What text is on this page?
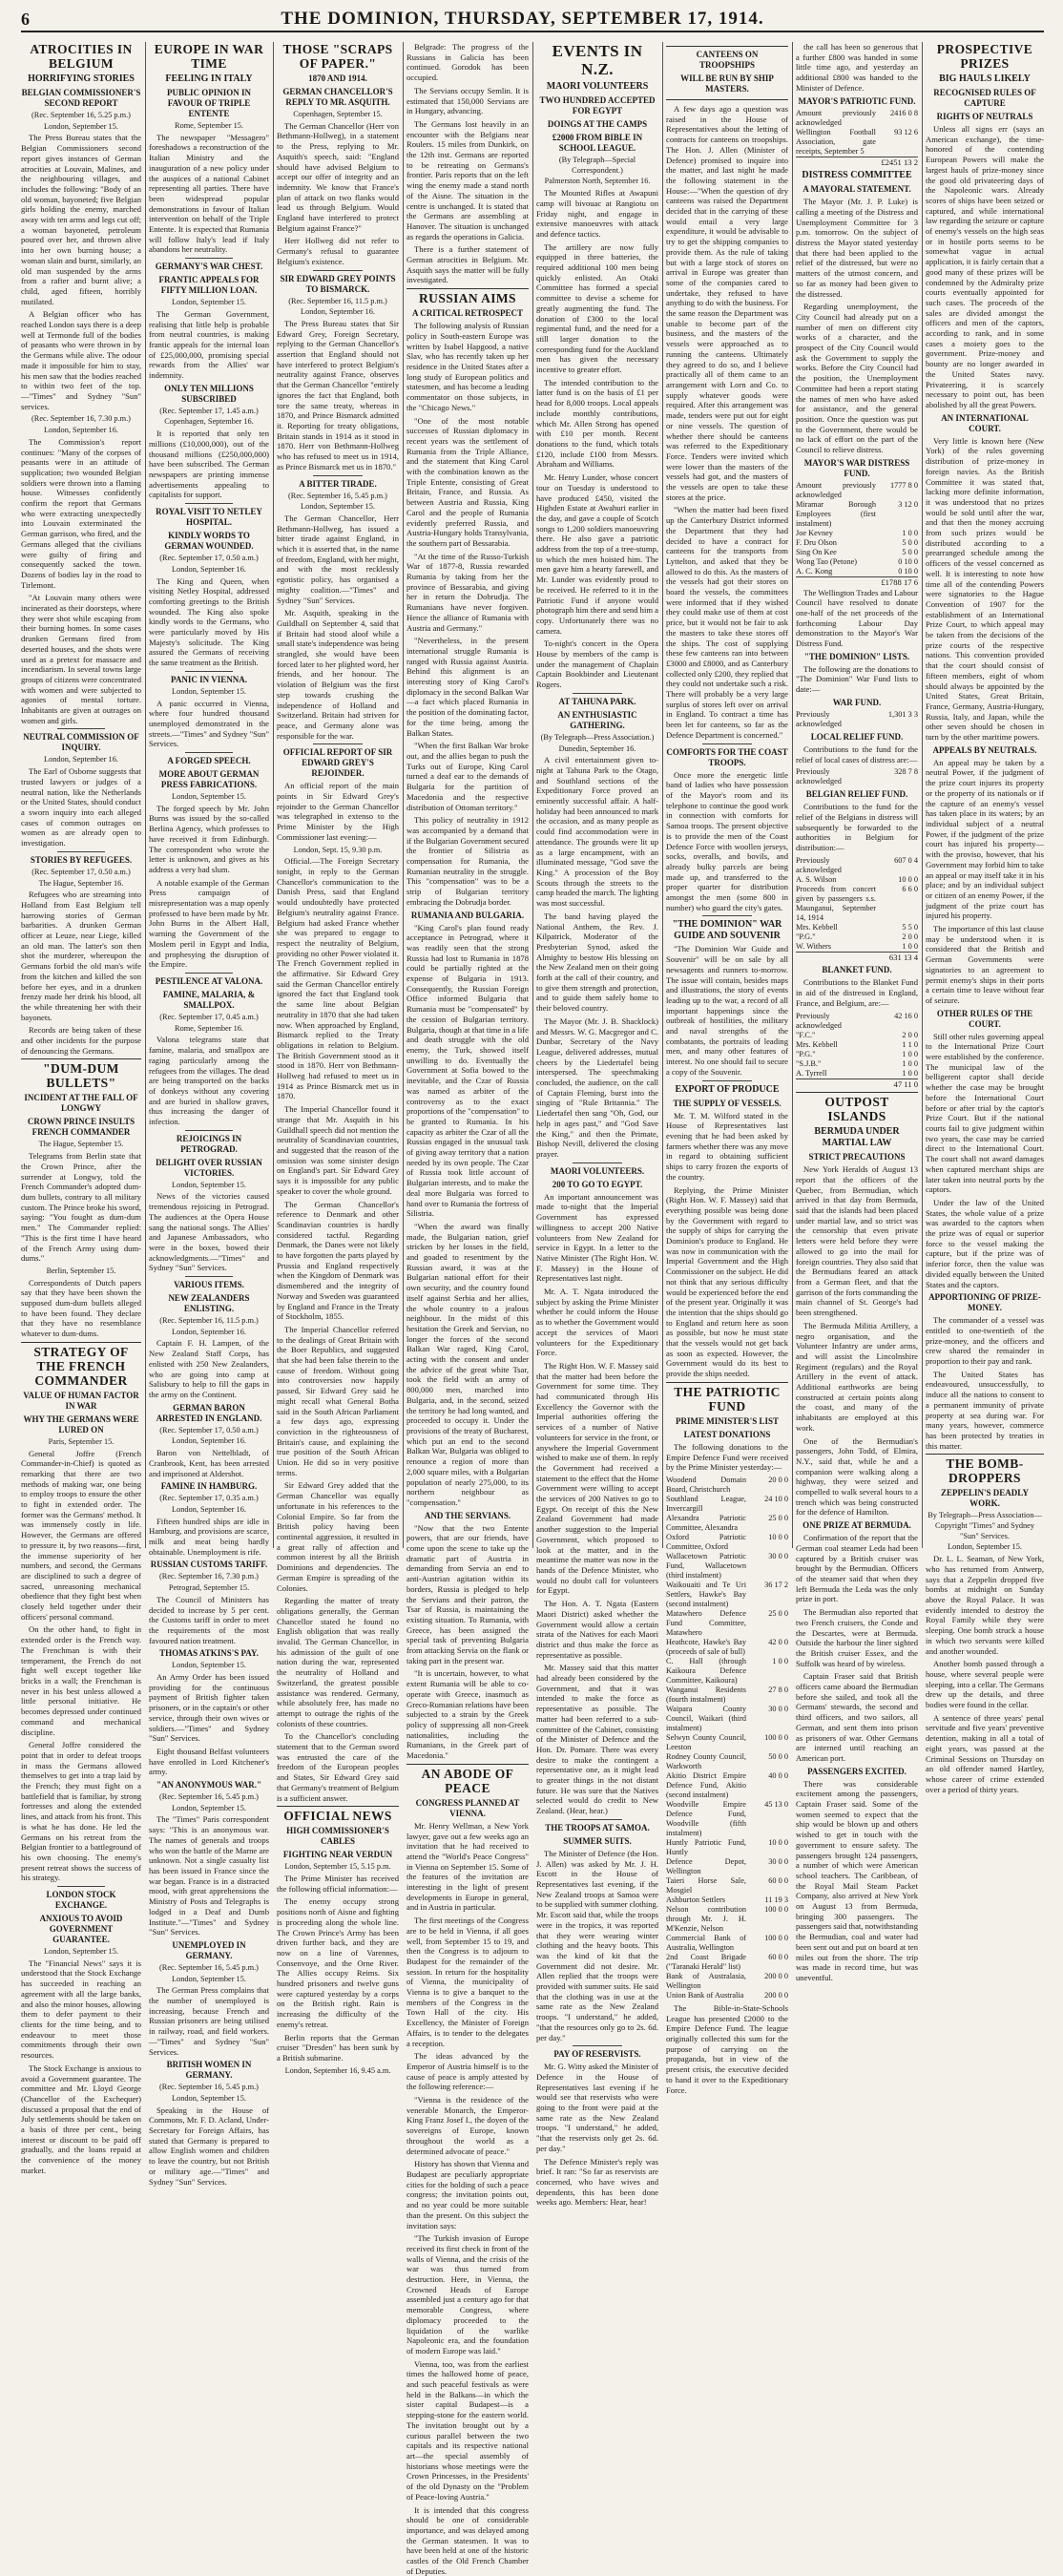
6	THE DOMINION, THURSDAY, SEPTEMBER 17, 1914.
ATROCITIES IN BELGIUM
HORRIFYING STORIES
BELGIAN COMMISSIONER'S SECOND REPORT
(Rec. September 16, 5.25 p.m.)
London, September 15.

The Press Bureau states that the Belgian Commissioners second report gives instances of German atrocities at Louvain, Malines, and the neighbouring villages, and includes the following: "Body of an old woman, bayoneted; five Belgian girls holding the enemy, marched away with ten arms and legs cut off; a woman bayoneted, petroleum poured over her, and thrown alive into her own burning house; a woman slain and burnt, similarly, an old man suspended by the arms from a rafter and burnt alive; a child, aged fifteen, horribly mutilated.

A Belgian officer who has reached London says there is a deep well at Termonde full of the bodies of peasants who were thrown in by the Germans while alive. The odour made it impossible for him to stay, his men saw that the bodies reached to within two feet of the top.—"Times" and Sydney "Sun" services.

(Rec. September 16, 7.30 p.m.)
London, September 16.

The Commission's report continues: "Many of the corpses of peasants were in an attitude of supplication; two wounded Belgian soldiers were thrown into a flaming house. Witnesses confidently confirm the report that Germans who were extracting unexpectedly into Louvain exterminated the German garrison, who fired, and the Germans alleged that the civilians were guilty of firing and consequently sacked the town. Dozens of bodies lay in the road to Tirlemont.

"At Louvain many others were incinerated as their doorsteps, where they were shot while escaping from their burning homes. In some cases drunken Germans fired from deserted houses, and the shots were used as a pretext for massacre and incendiarism. In several towns large groups of citizens were concentrated with women and were subjected to agonies of mental torture. Inhabitants are given at outrages on women and girls.

NEUTRAL COMMISSION OF INQUIRY.
London, September 16.

The Earl of Osborne suggests that trusted lawyers or judges of a neutral nation, like the Netherlands or the United States, should conduct a sworn inquiry into each alleged cases of common outrages on women as are already open to investigation.

STORIES BY REFUGEES.
(Rec. September 17, 0.50 a.m.)
The Hague, September 16.

Refugees who are streaming into Holland from East Belgium tell harrowing stories of German barbarities. A drunken German officer at Leuze, near Liege, killed an old man. The latter's son then shot the murderer, whereupon the Germans forbid the old man's wife from the kitchen and killed the son before her eyes, and in a drunken frenzy made her drink his blood, all the while threatening her with their bayonets.

Records are being taken of these and other incidents for the purpose of denouncing the Germans.

"DUM-DUM BULLETS"
INCIDENT AT THE FALL OF LONGWY
CROWN PRINCE INSULTS FRENCH COMMANDER
The Hague, September 15.

Telegrams from Berlin state that the Crown Prince, after the surrender at Longwy, told the French Commander's adopted dum-dum bullets, contrary to all military custom. The Prince broke his sword, saying: "You fought as dum-dum men." The Commander replied: "This is the first time I have heard of the French Army using dum-dums."

Berlin, September 15.

Correspondents of Dutch papers say that they have been shown the supposed dum-dum bullets alleged to have been found. They declare that they have no resemblance whatever to dum-dums.

STRATEGY OF THE FRENCH COMMANDER
VALUE OF HUMAN FACTOR IN WAR
WHY THE GERMANS WERE LURED ON
Paris, September 15.

General Joffre (French Commander-in-Chief) is quoted as remarking that there are two methods of making war, one being to employ troops to ensure the other to fight in extended order. The former was the Germans' method. It was immensely costly in life. However, the Germans are offered to pressure it, by two reasons—first, the immense superiority of her numbers, and second, the Germans are disciplined to such a degree of sacred, unreasoning mechanical obedience that they fight best when closely held together under their officers' personal command.

On the other hand, to fight in extended order is the French way. The Frenchman is with their temperament, the French do not fight well except together like bricks in a wall; the Frenchman is never in his best unless allowed a little personal initiative. He becomes depressed under continued command and mechanical discipline.

General Joffre considered the point that in order to defeat troops in mass the Germans allowed themselves to get into a trap laid by the French; they must fight on a battlefield that is familiar, by strong fortresses and along the extended lines, and attack from his front. This is what he has done. He led the Germans on his retreat from the Belgian frontier to a battleground of his own choosing. The enemy's present retreat shows the success of his strategy.

LONDON STOCK EXCHANGE.
ANXIOUS TO AVOID GOVERNMENT GUARANTEE.
London, September 15.

The "Financial News" says it is understood that the Stock Exchange has succeeded in reaching an agreement with all the large banks, and also the minor houses, allowing them to defer payment to their clients for the time being, and to endeavour to meet those commitments through their own resources.

The Stock Exchange is anxious to avoid a Government guarantee. The committee and Mr. Lloyd George (Chancellor of the Exchequer) discussed a proposal that the end of July settlements should be taken on a basis of three per cent., being interest or discount to be paid off gradually, and the loans repaid at the convenience of the money market.

EUROPE IN WAR TIME
FEELING IN ITALY
PUBLIC OPINION IN FAVOUR OF TRIPLE ENTENTE
Rome, September 15.

The newspaper "Messagero" foreshadows a reconstruction of the Italian Ministry and the inauguration of a new policy under the auspices of a national Cabinet representing all parties. There have been widespread popular demonstrations in favour of Italian intervention on behalf of the Triple Entente. It is expected that Rumania will follow Italy's lead if Italy abandons her neutrality.

GERMANY'S WAR CHEST.
FRANTIC APPEALS FOR FIFTY MILLION LOAN.
London, September 15.

The German Government, realising that little help is probable from neutral countries, is making frantic appeals for the internal loan of £25,000,000, promising special rewards from the Allies' war indemnity.

ONLY TEN MILLIONS SUBSCRIBED
(Rec. September 17, 1.45 a.m.)
Copenhagen, September 16.

It is reported that only ten millions (£10,000,000), out of the thousand millions (£250,000,000) have been subscribed. The German newspapers are printing immense advertisements appealing to capitalists for support.

ROYAL VISIT TO NETLEY HOSPITAL.
KINDLY WORDS TO GERMAN WOUNDED.
(Rec. September 17, 0.50 a.m.)
London, September 16.

The King and Queen, when visiting Netley Hospital, addressed comforting greetings to the British wounded. The King also spoke kindly words to the Germans, who were particularly moved by His Majesty's solicitude. The King assured the Germans of receiving the same treatment as the British.

PANIC IN VIENNA.
London, September 15.

A panic occurred in Vienna, where four hundred thousand unemployed demonstrated in the streets.—"Times" and Sydney "Sun" Services.

A FORGED SPEECH.
MORE ABOUT GERMAN PRESS FABRICATIONS.
London, September 15.

The forged speech by Mr. John Burns was issued by the so-called Berlina Agency, which professes to have received it from Edinburgh. The correspondent who wrote the letter is unknown, and gives as his address a very bad slum.

A notable example of the German Press campaign of misrepresentation was a map openly professed to have been made by Mr. John Burns in the Albert Hall, warning the Government of the Moslem peril in Egypt and India, and prophesying the disruption of the Empire.

PESTILENCE AT VALONA.
FAMINE, MALARIA, & SMALLPOX.
(Rec. September 17, 0.45 a.m.)
Rome, September 16.

Valona telegrams state that famine, malaria, and smallpox are raging particularly among the refugees from the villages. The dead are being transported on the backs of donkeys without any covering and are buried in shallow graves, thus increasing the danger of infection.

REJOICINGS IN PETROGRAD.
DELIGHT OVER RUSSIAN VICTORIES.
London, September 15.

News of the victories caused tremendous rejoicing in Petrograd. The audiences at the Opera House sang the national songs. The Allies' and Japanese Ambassadors, who were in the boxes, bowed their acknowledgments.—"Times" and Sydney "Sun" Services.

VARIOUS ITEMS.
NEW ZEALANDERS ENLISTING.
(Rec. September 16, 11.5 p.m.)
London, September 16.

Captain F. H. Lampen, of the New Zealand Staff Corps, has enlisted with 250 New Zealanders, who are going into camp at Salisbury to help to fill the gaps in the army on the Continent.

GERMAN BARON ARRESTED IN ENGLAND.
(Rec. September 17, 0.50 a.m.)
London, September 16.

Baron von Nettelbladt, of Cranbrook, Kent, has been arrested and imprisoned at Aldershot.

FAMINE IN HAMBURG.
(Rec. September 17, 0.35 a.m.)
London, September 16.

Fifteen hundred ships are idle in Hamburg, and provisions are scarce, milk and meat being hardly obtainable. Unemployment is rife.

RUSSIAN CUSTOMS TARIFF.
(Rec. September 16, 7.30 p.m.)
Petrograd, September 15.

The Council of Ministers has decided to increase by 5 per cent. the Customs tariff in order to meet the requirements of the most favoured nation treatment.

THOMAS ATKINS'S PAY.
London, September 15.

An Army Order has been issued providing for the continuous payment of British fighter taken prisoners, or in the captain's or other service, through their own wives or soldiers.—"Times" and Sydney "Sun" Services.

Eight thousand Belfast volunteers have enrolled in Lord Kitchener's army.

"AN ANONYMOUS WAR."
(Rec. September 16, 5.45 p.m.)
London, September 15.

The "Times" Paris correspondent says: "This is an anonymous war. The names of generals and troops who won the battle of the Marne are unknown. Not a single casualty list has been issued in France since the war began. France is in a distracted mood, with great apprehensions the Ministry of Posts and Telegraphs is lodged in a Deaf and Dumb Institute."—"Times" and Sydney "Sun" Services.

UNEMPLOYED IN GERMANY.
(Rec. September 16, 5.45 p.m.)
London, September 15.

The German Press complains that the number of unemployed is increasing, because French and Russian prisoners are being utilised in railway, road, and field workers.—"Times" and Sydney "Sun" Services.

BRITISH WOMEN IN GERMANY.
(Rec. September 16, 5.45 p.m.)
London, September 15.

Speaking in the House of Commons, Mr. F. D. Acland, Under-Secretary for Foreign Affairs, has stated that Germany is prepared to allow English women and children to leave the country, but not British or military age.—"Times" and Sydney "Sun" Services.

THOSE "SCRAPS OF PAPER."
1870 AND 1914.
GERMAN CHANCELLOR'S REPLY TO MR. ASQUITH.
Copenhagen, September 15.

The German Chancellor (Herr von Bethmann-Hollweg), in a statement to the Press, replying to Mr. Asquith's speech, said: "England should have advised Belgium to accept our offer of integrity and an indemnity. We know that France's plan of attack on two flanks would lead us through Belgium. Would England have interfered to protect Belgium against France?"

Herr Hollweg did not refer to Germany's refusal to guarantee Belgium's existence.

SIR EDWARD GREY POINTS TO BISMARCK.
(Rec. September 16, 11.5 p.m.)
London, September 16.

The Press Bureau states that Sir Edward Grey, Foreign Secretary, replying to the German Chancellor's assertion that England should not have interfered to protect Belgium's neutrality against France, observes that the German Chancellor "entirely ignores the fact that England, both tore the same treaty, whereas in 1870, and Prince Bismarck admitted it. Reporting for treaty obligations, Britain stands in 1914 as it stood in 1870. Herr von Bethmann-Hollweg who has refused to meet us in 1914, as Prince Bismarck met us in 1870."

A BITTER TIRADE.
(Rec. September 16, 5.45 p.m.)
London, September 15.

The German Chancellor, Herr Bethmann-Hollweg, has issued a bitter tirade against England, in which it is asserted that, in the name of freedom, England, with her might, and with the most recklessly egotistic policy, has organised a mighty coalition.—"Times" and Sydney "Sun" Services.

Mr. Asquith, speaking in the Guildhall on September 4, said that if Britain had stood aloof while a small state's independence was being strangled, she would have been forced later to her plighted word, her friends, and her honour. The violation of Belgium was the first step towards crushing the independence of Holland and Switzerland. Britain had striven for peace, and Germany alone was responsible for the war.

OFFICIAL REPORT OF SIR EDWARD GREY'S REJOINDER.

An official report of the main points in Sir Edward Grey's rejoinder to the German Chancellor was telegraphed in extenso to the Prime Minister by the High Commissioner last evening:—

London, Sept. 15, 9.30 p.m.

Official.—The Foreign Secretary tonight, in reply to the German Chancellor's communication to the Danish Press, said that England would undoubtedly have protected Belgium's neutrality against France. Belgium had asked France whether she was prepared to engage to respect the neutrality of Belgium, providing no other Power violated it. The French Government replied in the affirmative. Sir Edward Grey said the German Chancellor entirely ignored the fact that England took the same line about Belgian neutrality in 1870 that she had taken now. When approached by England, Bismarck replied to the Treaty obligations in relation to Belgium. The British Government stood as it stood in 1870. Herr von Bethmann-Hollweg had refused to meet us in 1914 as Prince Bismarck met us in 1870.

The Imperial Chancellor found it strange that Mr. Asquith in his Guildhall speech did not mention the neutrality of Scandinavian countries, and suggested that the reason of the omission was some sinister design on England's part. Sir Edward Grey says it is impossible for any public speaker to cover the whole ground.

The German Chancellor's reference to Denmark and other Scandinavian countries is hardly considered tactful. Regarding Denmark, the Danes were not likely to have forgotten the parts played by Prussia and England respectively when the Kingdom of Denmark was dismembered and the integrity of Norway and Sweden was guaranteed by England and France in the Treaty of Stockholm, 1855.

The Imperial Chancellor referred to the dealings of Great Britain with the Boer Republics, and suggested that she had been false therein to the cause of freedom. Without going into controversies now happily passed, Sir Edward Grey said he might recall what General Botha said in the South African Parliament a few days ago, expressing conviction in the righteousness of Britain's cause, and explaining the true position of the South African Union. He did so in very positive terms.

Sir Edward Grey added that the German Chancellor was equally unfortunate in his references to the Colonial Empire. So far from the British policy having been continental aggression, it resulted in a great rally of affection and common interest by all the British Dominions and dependencies. The German Empire is spreading of the Colonies.

Regarding the matter of treaty obligations generally, the German Chancellor stated he found no English obligation that was really invalid. The German Chancellor, in his admission of the guilt of one nation during the war, represented the neutrality of Holland and Switzerland, the greatest possible assistance was rendered. Germany, while absolutely free, has made no attempt to outrage the rights of the colonists of these countries.

To the Chancellor's concluding statement that to the German sword was entrusted the care of the freedom of the European peoples and States, Sir Edward Grey said that Germany's treatment of Belgium is a sufficient answer.

OFFICIAL NEWS
HIGH COMMISSIONER'S CABLES
FIGHTING NEAR VERDUN
London, September 15, 5.15 p.m.

The Prime Minister has received the following official information:—

The enemy occupy strong positions north of Aisne and fighting is proceeding along the whole line. The Crown Prince's Army has been driven further back, and they are now on a line of Varennes, Consenvoye, and the Orne River. The Allies occupy Reims. Six hundred prisoners and twelve guns were captured yesterday by a corps on the British right. Rain is increasing the difficulty of the enemy's retreat.

Berlin reports that the German cruiser "Dresden" has been sunk by a British submarine.

London, September 16, 9.45 a.m.

Belgrade: The progress of the Russians in Galicia has been continued. Gorodok has been occupied.

The Servians occupy Semlin. It is estimated that 150,000 Servians are in Hungary, advancing.

The Germans lost heavily in an encounter with the Belgians near Roulers. 15 miles from Dunkirk, on the 12th inst. Germans are reported to be retreating on Germans's frontier. Paris reports that on the left wing the enemy made a stand north of the Aisne. The situation in the centre is unchanged. It is stated that the Germans are assembling at Hanover. The situation is unchanged as regards the operations in Galicia.

There is a further statement of German atrocities in Belgium. Mr. Asquith says the matter will be fully investigated.

RUSSIAN AIMS
A CRITICAL RETROSPECT

The following analysis of Russian policy in South-eastern Europe was written by Isabel Hapgood, a native Slav, who has recently taken up her residence in the United States after a long study of European politics and statesmen, and has become a leading commentator on those subjects, in the "Chicago News."

"One of the most notable successes of Russian diplomacy in recent years was the settlement of Rumania from the Triple Alliance, and the statement that King Carol with the combination known as the Triple Entente, consisting of Great Britain, France, and Russia. As between Austria and Russia, King Carol and the people of Rumania evidently preferred Russia, and Austria-Hungary holds Transylvania, the southern part of Bessarabia.

"At the time of the Russo-Turkish War of 1877-8, Russia rewarded Rumania by taking from her the province of Bessarabia, and giving her in return the Dobrudja. The Rumanians have never forgiven. Hence the alliance of Rumania with Austria and Germany."

"Nevertheless, in the present international struggle Rumania is ranged with Russia against Austria. Behind this alignment is an interesting story of King Carol's diplomacy in the second Balkan War—a fact which placed Rumania in the position of the dominating factor, for the time being, among the Balkan States.

"When the first Balkan War broke out, and the allies began to push the Turks out of Europe, King Carol turned a deaf ear to the demands of Bulgaria for the partition of Macedonia and the respective distribution of Ottoman territory."

This policy of neutrality in 1912 was accompanied by a demand that if the Bulgarian Government secured the frontier of Silistria as compensation for Rumania, the Rumanian neutrality in the struggle. This "compensation" was to be a strip of Bulgarian territory embracing the Dobrudja border.

RUMANIA AND BULGARIA.

"King Carol's plan found ready acceptance in Petrograd, where it was readily seen that the strong Russia had lost to Rumania in 1878 could be partially righted at the expense of Bulgaria in 1913. Consequently, the Russian Foreign Office informed Bulgaria that Rumania must be "compensated" by the cession of Bulgarian territory. Bulgaria, though at that time in a life and death struggle with the old enemy, the Turk, showed itself unwilling to do. Eventually the Government at Sofia bowed to the inevitable, and the Czar of Russia was named as arbiter of the controversy as to the exact proportions of the "compensation" to be granted to Rumania. In his capacity as arbiter the Czar of all the Russias engaged in the unusual task of giving away territory that a nation needed by its own people. The Czar of Russia took little account of Bulgarian interests, and to make the deal more Bulgaria was forced to hand over to Rumania the fortress of Silistria.

"When the award was finally made, the Bulgarian nation, grief stricken by her losses in the field, and goaded to resentment by the Russian award, it was at the Bulgarian national effort for their own security, and the country found itself against Serbia and her allies, the whole country to a jealous neighbour. In the midst of this hesitation the Greek and Servian, no longer the forces of the second Balkan War raged, King Carol, acting with the consent and under the advice of the great white Tsar, took the field with an army of 800,000 men, marched into Bulgaria, and, in the second, seized the territory he had long wanted, and proceeded to occupy it. Under the provisions of the treaty of Bucharest, which put an end to the second Balkan War, Bulgaria was obliged to renounce a region of more than 2,000 square miles, with a Bulgarian population of nearly 275,000, to its northern neighbour as "compensation."

AND THE SERVIANS.

"Now that the two Entente powers, that are our friends, have come upon the scene to take up the dramatic part of Austria in demanding from Servia an end to anti-Austrian agitation within its borders, Russia is pledged to help the Servians and their patron, the Tsar of Russia, is maintaining the existing situation. To Rumania, with Greece, has been assigned the special task of preventing Bulgaria from attacking Servia on the flank or taking part in the present war.

"It is uncertain, however, to what extent Rumania will be able to co-operate with Greece, inasmuch as Greco-Rumanian relations have been subjected to a strain by the Greek policy of suppressing all non-Greek nationalities, including the Rumanians, in the Greek part of Macedonia."

AN ABODE OF PEACE
CONGRESS PLANNED AT VIENNA.

Mr. Henry Wellman, a New York lawyer, gave out a few weeks ago an invitation that he had received to attend the "World's Peace Congress" in Vienna on September 15. Some of the features of the invitation are interesting in the light of present developments in Europe in general, and in Austria in particular.

The first meetings of the Congress are to be held in Vienna, if all goes well, from September 15 to 19, and then the Congress is to adjourn to Budapest for the remainder of the session. In return for the hospitality of Vienna, the municipality of Vienna is to give a banquet to the members of the Congress in the Town Hall of the city. His Excellency, the Minister of Foreign Affairs, is to tender to the delegates a reception.

The ideas advanced by the Emperor of Austria himself is to the cause of peace is amply attested by the following reference:—

"Vienna is the residence of the venerable Monarch, the Emperor-King Franz Josef I., the doyen of the sovereigns of Europe, known throughout the world as a determined advocate of peace."

History has shown that Vienna and Budapest are peculiarly appropriate cities for the holding of such a peace congress; the invitation points out, and no year could be more suitable than the present. On this subject the invitation says:

"The Turkish invasion of Europe received its first check in front of the walls of Vienna, and the crisis of the war was thus turned from destruction. Here, in Vienna, the Crowned Heads of Europe assembled just a century ago for that memorable Congress, where diplomacy proceeded to the liquidation of the warlike Napoleonic era, and the foundation of modern Europe was laid."

Vienna, too, was from the earliest times the hallowed home of peace, and such peaceful festivals as were held in the Balkans—in which the sister capital Budapest—is a stepping-stone for the eastern world. The invitation brought out by a curious parallel between the two capitals and its respective national art—the special assembly of historians whose meetings were the Crown Princesses, in the Presidents' of the old Dynasty on the "Problem of Peace-loving Austria."

It is intended that this congress should be one of considerable importance, and was delayed among the German statesmen. It was to have been held at one of the historic castles of the Old French Chamber of Deputies.

EVENTS IN N.Z.
MAORI VOLUNTEERS
TWO HUNDRED ACCEPTED FOR EGYPT
DOINGS AT THE CAMPS
£2000 FROM BIBLE IN SCHOOL LEAGUE.
(By Telegraph—Special Correspondent.)
Palmerston North, September 16.

The Mounted Rifles at Awapuni camp will bivouac at Rangiotu on Friday night, and engage in extensive manoeuvres with attack and defence tactics.

The artillery are now fully equipped in three batteries, the required additional 100 men being quickly enlisted. An Otaki Committee has formed a special committee to devise a scheme for greatly augmenting the fund. The donation of £300 to the local regimental fund, and the need for a still larger donation to the corresponding fund for the Auckland men has given the necessary incentive to greater effort.

The intended contribution to the latter fund is on the basis of £1 per head for 8,000 troops. Local appeals include monthly contributions, which Mr. Allen Strong has opened with £10 per month. Recent donations to the fund, which totals £120, include £100 from Messrs. Abraham and Williams.

Mr. Henry Lunder, whose concert tour on Tuesday is understood to have produced £450, visited the Highden Estate at Awahuri earlier in the day, and gave a couple of Scotch songs to 1,200 soldiers manoeuvring there. He also gave a patriotic address from the top of a tree-stump, to which the men hoisted him. The men gave him a hearty farewell, and Mr. Lunder was evidently proud to be received. He referred to it in the Patriotic Fund if anyone would photograph him there and send him a copy. Unfortunately there was no camera.

To-night's concert in the Opera House by members of the camp is under the management of Chaplain Captain Bookbinder and Lieutenant Rogers.

AT TAHUNA PARK.
AN ENTHUSIASTIC GATHERING.
(By Telegraph—Press Association.)
Dunedin, September 16.

A civil entertainment given to-night at Tahuna Park to the Otago, and Southland sections of the Expeditionary Force proved an eminently successful affair. A half-holiday had been announced to mark the occasion, and as many people as could find accommodation were in attendance. The grounds were lit up as a large encampment, with an illuminated message, "God save the King." A procession of the Boy Scouts through the streets to the camp headed the march. The lighting was most successful.

The band having played the National Anthem, the Rev. J. Kilpatrick, Moderator of the Presbyterian Synod, asked the Almighty to bestow His blessing on the New Zealand men on their going forth at the call of their country, and to give them strength and protection, and to guide them safely home to their beloved country.

The Mayor (Mr. J. B. Shacklock) and Messrs. W. G. Macgregor and C. Dunbar, Secretary of the Navy League, delivered addresses, mutual cheers by the Liedertafel being interspersed. The speechmaking concluded, the audience, on the call of Captain Fleming, burst into the singing of "Rule Britannia." The Liedertafel then sang "Oh, God, our help in ages past," and "God Save the King," and then the Primate, Bishop Nevill, delivered the closing prayer.

MAORI VOLUNTEERS.
200 TO GO TO EGYPT.

An important announcement was made to-night that the Imperial Government has expressed willingness to accept 200 Native volunteers from New Zealand for service in Egypt. In a letter to the Native Minister (The Right Hon. W. F. Massey) in the House of Representatives last night.

Mr. A. T. Ngata introduced the subject by asking the Prime Minister whether he could inform the House as to whether the Government would accept the services of Maori volunteers for the Expeditionary Force.

The Right Hon. W. F. Massey said that the matter had been before the Government for some time. They had communicated through His Excellency the Governor with the Imperial authorities offering the services of a number of Native volunteers for service in the front, or anywhere the Imperial Government wished to make use of them. In reply the Government had received a statement to the effect that the Home Government were willing to accept the services of 200 Natives to go to Egypt. On receipt of this the New Zealand Government had made another suggestion to the Imperial Government, which proposed to look at the matter, and in the meantime the matter was now in the hands of the Defence Minister, who would no doubt call for volunteers for Egypt.

The Hon. A. T. Ngata (Eastern Maori District) asked whether the Government would allow a certain strata of the Natives for each Maori district and thus make the force as representative as possible.

Mr. Massey said that this matter had already been considered by the Government, and that it was intended to make the force as representative as possible. The matter had been referred to a sub-committee of the Cabinet, consisting of the Minister of Defence and the Hon. Dr. Pomare. There was every desire to make the contingent a representative one, as it might lead to greater things in the not distant future. He was sure that the Natives selected would do credit to New Zealand. (Hear, hear.)

THE TROOPS AT SAMOA.
SUMMER SUITS.

The Minister of Defence (the Hon. J. Allen) was asked by Mr. J. H. Escott in the House of Representatives last evening, if the New Zealand troops at Samoa were to be supplied with summer clothing. Mr. Escott said that, while the troops were in the tropics, it was reported that they were wearing winter clothing and the heavy boots. This was the kind of kit that the Government did not desire. Mr. Allen replied that the troops were provided with summer suits. He said that the clothing was in use at the same rate as the New Zealand troops. "I understand," he added, "that the resources only go to 2s. 6d. per day."

PAY OF RESERVISTS.

Mr. G. Witty asked the Minister of Defence in the House of Representatives last evening if he would see that reservists who were going to the front were paid at the same rate as the New Zealand troops. "I understand," he added, "that the reservists only get 2s. 6d. per day."

The Defence Minister's reply was brief. It ran: "So far as reservists are concerned, who have wives and dependents, this has been done weeks ago. Members: Hear, hear!

CANTEENS ON TROOPSHIPS
WILL BE RUN BY SHIP MASTERS.

A few days ago a question was raised in the House of Representatives about the letting of contracts for canteens on troopships. The Hon. J. Allen (Minister of Defence) promised to inquire into the matter, and last night he made the following statement in the House:—"When the question of dry canteens was raised the Department decided that in the carrying of these would entail a very large expenditure, it would be advisable to try to get the shipping companies to provide them. As the rule of taking but with a large stock of stores on arrival in Europe was greater than some of the companies cared to undertake, they refused to have anything to do with the business. For the same reason the Department was unable to become part of the business, and the masters of the vessels were approached as to running the canteens. Ultimately they agreed to do so, and I believe practically all of them came to an arrangement with Lorn and Co. to supply whatever goods were required. After this arrangement was made, tenders were put out for eight or nine vessels. The question of whether there should be canteens was referred to the Expeditionary Force. Tenders were invited which were lower than the masters of the vessels had got, and the masters of the vessels are open to take these stores at the price.

"When the matter had been fixed up the Canterbury District informed the Department that they had decided to have a contract for canteens for the transports from Lyttelton, and asked that they be allowed to do this. As the masters of the vessels had got their stores on board the vessels, the committees were informed that if they wished they could make use of them at cost price, but it would not be fair to ask the masters to take these stores off the ships. The cost of supplying these few canteens ran into between £3000 and £8000, and as Canterbury collected only £200, they replied that they could not undertake such a risk. There will probably be a very large surplus of stores left over on arrival in England. To contract a time has been let for canteens, so far as the Defence Department is concerned."

COMFORTS FOR THE COAST TROOPS.

Once more the energetic little band of ladies who have possession of the Mayor's room and its telephone to continue the good work in connection with comforts for Samoa troops. The present objective is to provide the men of the Coast Defence Force with woollen jerseys, socks, overalls, and bovils, and already bulky parcels are being made up, and transferred to the proper quarter for distribution amongst the men (some 800 in number) who guard the city's gates.

"THE DOMINION" WAR GUIDE AND SOUVENIR

"The Dominion War Guide and Souvenir" will be on sale by all newsagents and runners to-morrow. The issue will contain, besides maps and illustrations, the story of events leading up to the war, a record of all important happenings since the outbreak of hostilities, the military and naval strengths of the combatants, the portraits of leading men, and many other features of interest. No one should fail to secure a copy of the Souvenir.

EXPORT OF PRODUCE
THE SUPPLY OF VESSELS.

Mr. T. M. Wilford stated in the House of Representatives last evening that he had been asked by farmers whether there was any move in regard to obtaining sufficient ships to carry frozen the exports of the country.

Replying, the Prime Minister (Right Hon. W. F. Massey) said that everything possible was being done by the Government with regard to the supply of ships for carrying the Dominion's produce to England. He was now in communication with the Imperial Government and the High Commissioner on the subject. He did not think that any serious difficulty would be experienced before the end of the present year. Originally it was the intention that the ships should go to England and return here as soon as possible, but now he must state that the vessels would not get back as soon as expected. However, the Government would do its best to provide the ships needed.

THE PATRIOTIC FUND
PRIME MINISTER'S LIST
LATEST DONATIONS

The following donations to the Empire Defence Fund were received by the Prime Minister yesterday:—

Woodend Domain Board, Christchurch	20 0 0
Southland League, Invercargill	24 10 0
Alexandra Patriotic Committee, Alexandra	25 0 0
Oxford Patriotic Committee, Oxford	10 0 0
Wallacetown Patriotic Fund, Wallacetown (third instalment)	30 0 0
Waikouaiti and Te Uri Settlers, Hawke's Bay (second instalment)	36 17 2
Matawhero Defence Fund Committee, Matawhero	25 0 0
Heathcote, Hawke's Bay (proceeds of sale of bull)	42 0 0
C. Hall (through Kaikoura Defence Committee, Kaikoura)	1 0 0
Wanganui Residents (fourth instalment)	27 8 0
Waipara County Council, Waikari (third instalment)	30 0 0
Selwyn County Council, Leeston	100 0 0
Rodney County Council, Warkworth	50 0 0
Akitio District Empire Defence Fund, Akitio (second instalment)	40 0 0
Woodville Empire Defence Fund, Woodville (fifth instalment)	45 13 0
Huntly Patriotic Fund, Huntly	10 0 0
Defence Depot, Wellington	30 0 0
Taieri Horse Sale, Mosgiel	60 0 0
Ashburton Settlers	11 19 3
Nelson contribution through Mr. J. H. M'Kenzie, Nelson	100 0 0
Commercial Bank of Australia, Wellington	100 0 0
2nd Coast Brigade ("Taranaki Herald" list)	60 0 0
Bank of Australasia, Wellington	200 0 0
Union Bank of Australia	200 0 0

The Bible-in-State-Schools League has presented £2000 to the Empire Defence Fund. The league originally collected this sum for the purpose of carrying on the propaganda, but in view of the present crisis, the executive decided to hand it over to the Expeditionary Force.

the call has been so generous that a further £800 was handed in some little time ago, and yesterday an additional £800 was handed to the Minister of Defence.

MAYOR'S PATRIOTIC FUND.
Amount previously acknowledged	2416 0 8
Wellington Football Association, gate receipts, September 5	93 12 6
£2451 13 2
DISTRESS COMMITTEE
A MAYORAL STATEMENT.

The Mayor (Mr. J. P. Luke) is calling a meeting of the Distress and Unemployment Committee for 3 p.m. tomorrow. On the subject of distress the Mayor stated yesterday that there had been applied to the relief of the distressed, but were no matters of the utmost concern, and so far as money had been given to the distressed.

Regarding unemployment, the City Council had already put on a number of men on different city works of a character, and the prospect of the City Council would ask the Government to supply the works. Before the City Council had the position, the Unemployment Committee had been a report stating the names of men who have asked for assistance, and the general position. Once the question was put to the Government, there would be no lack of effort on the part of the Council to relieve distress.

MAYOR'S WAR DISTRESS FUND.
Amount previously acknowledged	1777 8 0
Miramar Borough Employees (first instalment)	3 12 0
Joe Kevney	1 0 0
F. Dru Olson	5 0 0
Sing On Kee	5 0 0
Wong Tao (Petone)	0 10 0
A. C. Kong	0 10 0
£1788 17 6

The Wellington Trades and Labour Council have resolved to donate one-half of the net proceeds of the forthcoming Labour Day demonstration to the Mayor's War Distress Fund.

"THE DOMINION" LISTS.

The following are the donations to "The Dominion" War Fund lists to date:—

WAR FUND.
Previously acknowledged	1,301 3 3
LOCAL RELIEF FUND.

Contributions to the fund for the relief of local cases of distress are:—

Previously acknowledged	328 7 8
BELGIAN RELIEF FUND.

Contributions to the fund for the relief of the Belgians in distress will subsequently be forwarded to the authorities in Belgium for distribution:—

Previously acknowledged	607 0 4
A. S. Wilson	10 0 0
Proceeds from concert given by passengers s.s. Maunganui, September 14, 1914	6 6 0
Mrs. Kebbell	5 5 0
"P.G."	2 0 0
W. Withers	1 0 0
631 13 4
BLANKET FUND.

Contributions to the Blanket Fund in aid of the distressed in England, France, and Belgium, are:—

Previously acknowledged	42 16 0
"F.C."	2 0 0
Mrs. Kebbell	1 1 0
"P.G."	1 0 0
"S.J.B."	1 0 0
A. Tyrrell	1 0 0
47 11 0
OUTPOST ISLANDS
BERMUDA UNDER MARTIAL LAW
STRICT PRECAUTIONS

New York Heralds of August 13 report that the officers of the Quebec, from Bermudian, which arrived in that day from Bermuda, said that the islands had been placed under martial law, and so strict was the censorship that even private letters were held before they were allowed to go into the mail for foreign countries. They also said that the Bermudians feared an attack from a German fleet, and that the garrison of the forts commanding the main channel of St. George's had been strengthened.

The Bermuda Militia Artillery, a negro organisation, and the Volunteer Infantry are under arms, and will assist the Lincolnshire Regiment (regulars) and the Royal Artillery in the event of attack. Additional earthworks are being constructed at certain points along the coast, and many of the inhabitants are employed at this work.

One of the Bermudian's passengers, John Todd, of Elmira, N.Y., said that, while he and a companion were walking along a highway, they were seized and compelled to walk several hours to a trench which was being constructed for the defence of Hamilton.

ONE PRIZE AT BERMUDA.

Confirmation of the report that the German coal steamer Leda had been captured by a British cruiser was brought by the Bermudian. Officers of the steamer said that when they left Bermuda the Leda was the only prize in port.

The Bermudian also reported that two French cruisers, the Conde and the Descartes, were at Bermuda. Outside the harbour the liner sighted the British cruiser Essex, and the Suffolk was heard of by wireless.

Captain Fraser said that British officers came aboard the Bermudian before she sailed, and took all the Germans' stewards, the second and third officers, and two sailors, all German, and sent them into prison as prisoners of war. Other Germans are interned until reaching an American port.

PASSENGERS EXCITED.

There was considerable excitement among the passengers, Captain Fraser said. Some of the women seemed to expect that the ship would be blown up and others wished to get in touch with the government to ensure safety. The passengers brought 124 passengers, a number of which were American school teachers. The Caribbean, of the Royal Mail Steam Packet Company, also arrived at New York on August 13 from Bermuda, bringing 300 passengers. The passengers said that, notwithstanding the Bermudian, coal and water had been sent out and put on board at ten miles out from the shore. The trip was made in record time, but was uneventful.

PROSPECTIVE PRIZES
BIG HAULS LIKELY
RECOGNISED RULES OF CAPTURE
RIGHTS OF NEUTRALS

Unless all signs err (says an American exchange), the time-honored of the contending European Powers will make the largest hauls of prize-money since the good old privateering days of the Napoleonic wars. Already scores of ships have been seized or captured, and while international law regarding the seizure or capture of enemy's vessels on the high seas or in hostile ports seems to be somewhat vague in actual application, it is fairly certain that a good many of these prizes will be condemned by the Admiralty prize courts eventually appointed for such cases. The proceeds of the sales are divided amongst the officers and men of the captors, according to rank, and in some cases a moiety goes to the government. Prize-money and bounty are no longer awarded in the United States navy. Privateering, it is scarcely necessary to point out, has been abolished by all the great Powers.

AN INTERNATIONAL COURT.

Very little is known here (New York) of the rules governing distribution of prize-money in foreign navies. As the British Committee it was stated that, lacking more definite information, it was understood that no prizes would be sold until after the war, and that then the money accruing from such prizes would be distributed according to a prearranged schedule among the officers of the vessel concerned as well. It is interesting to note how time all of the contending Powers were signatories to the Hague Convention of 1907 for the establishment of an International Prize Court, to which appeal may be taken from the decisions of the prize courts of the respective nations. This convention provided that the court should consist of fifteen members, eight of whom should always be appointed by the United States, Great Britain, France, Germany, Austria-Hungary, Russia, Italy, and Japan, while the other seven should be chosen in turn by the other maritime powers.

APPEALS BY NEUTRALS.

An appeal may be taken by a neutral Power, if the judgment of the prize court injures its property or the property of its nationals or if the capture of an enemy's vessel has taken place in its waters; by an individual subject of a neutral Power, if the judgment of the prize court has injured his property—with the proviso, however, that his Government may forbid him to take an appeal or may itself take it in his place; and by an individual subject or citizen of an enemy Power, if the judgment of the prize court has injured his property.

The importance of this last clause may be understood when it is considered that the British and German Governments were signatories to an agreement to permit enemy's ships in their ports a certain time to leave without fear of seizure.

OTHER RULES OF THE COURT.

Still other rules governing appeal to the International Prize Court were established by the conference. The municipal law of the belligerent captor shall decide whether the case may be brought before the International Court before or after trial by the captor's Prize Court. But if the national courts fail to give judgment within two years, the case may be carried direct to the International Court. The court shall not award damages when captured merchant ships are later taken into neutral ports by the captors.

Under the law of the United States, the whole value of a prize was awarded to the captors when the prize was of equal or superior force to the vessel making the capture, but if the prize was of inferior force, then the value was divided equally between the United States and the captors.

APPORTIONING OF PRIZE-MONEY.

The commander of a vessel was entitled to one-twentieth of the prize-money, and the officers and crew shared the remainder in proportion to their pay and rank.

The United States has endeavoured, unsuccessfully, to induce all the nations to consent to a permanent immunity of private property at sea during war. For many years, however, commerce has been protected by treaties in this matter.

THE BOMB-DROPPERS
ZEPPELIN'S DEADLY WORK.
By Telegraph—Press Association—Copyright "Times" and Sydney "Sun" Services.
London, September 15.

Dr. L. L. Seaman, of New York, who has returned from Antwerp, says that a Zeppelin dropped five bombs at midnight on Sunday above the Royal Palace. It was evidently intended to destroy the Royal Family while they were sleeping. One bomb struck a house in which two servants were killed and another wounded.

Another bomb passed through a house, where several people were sleeping, into a cellar. The Germans drew up the details, and three bodies were found in the cellar.

A sentence of three years' penal servitude and five years' preventive detention, making in all a total of eight years, was passed at the Criminal Sessions on Thursday on an old offender named Hartley, whose career of crime extended over a period of thirty years.
